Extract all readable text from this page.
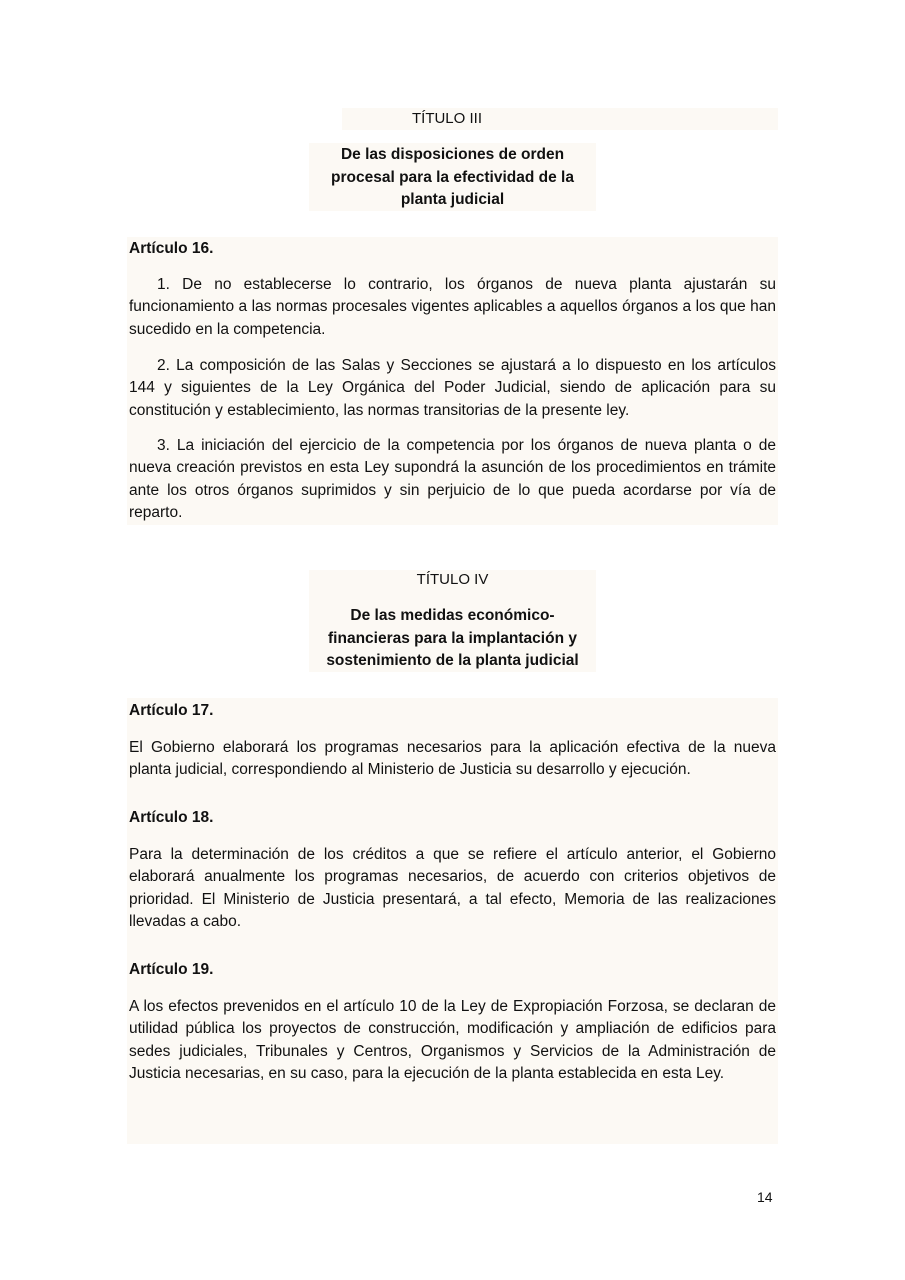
TÍTULO III
De las disposiciones de orden procesal para la efectividad de la planta judicial
Artículo 16.

1. De no establecerse lo contrario, los órganos de nueva planta ajustarán su funcionamiento a las normas procesales vigentes aplicables a aquellos órganos a los que han sucedido en la competencia.

2. La composición de las Salas y Secciones se ajustará a lo dispuesto en los artículos 144 y siguientes de la Ley Orgánica del Poder Judicial, siendo de aplicación para su constitución y establecimiento, las normas transitorias de la presente ley.

3. La iniciación del ejercicio de la competencia por los órganos de nueva planta o de nueva creación previstos en esta Ley supondrá la asunción de los procedimientos en trámite ante los otros órganos suprimidos y sin perjuicio de lo que pueda acordarse por vía de reparto.

TÍTULO IV
De las medidas económico-financieras para la implantación y sostenimiento de la planta judicial
Artículo 17.

El Gobierno elaborará los programas necesarios para la aplicación efectiva de la nueva planta judicial, correspondiendo al Ministerio de Justicia su desarrollo y ejecución.

Artículo 18.

Para la determinación de los créditos a que se refiere el artículo anterior, el Gobierno elaborará anualmente los programas necesarios, de acuerdo con criterios objetivos de prioridad. El Ministerio de Justicia presentará, a tal efecto, Memoria de las realizaciones llevadas a cabo.

Artículo 19.

A los efectos prevenidos en el artículo 10 de la Ley de Expropiación Forzosa, se declaran de utilidad pública los proyectos de construcción, modificación y ampliación de edificios para sedes judiciales, Tribunales y Centros, Organismos y Servicios de la Administración de Justicia necesarias, en su caso, para la ejecución de la planta establecida en esta Ley.

14
